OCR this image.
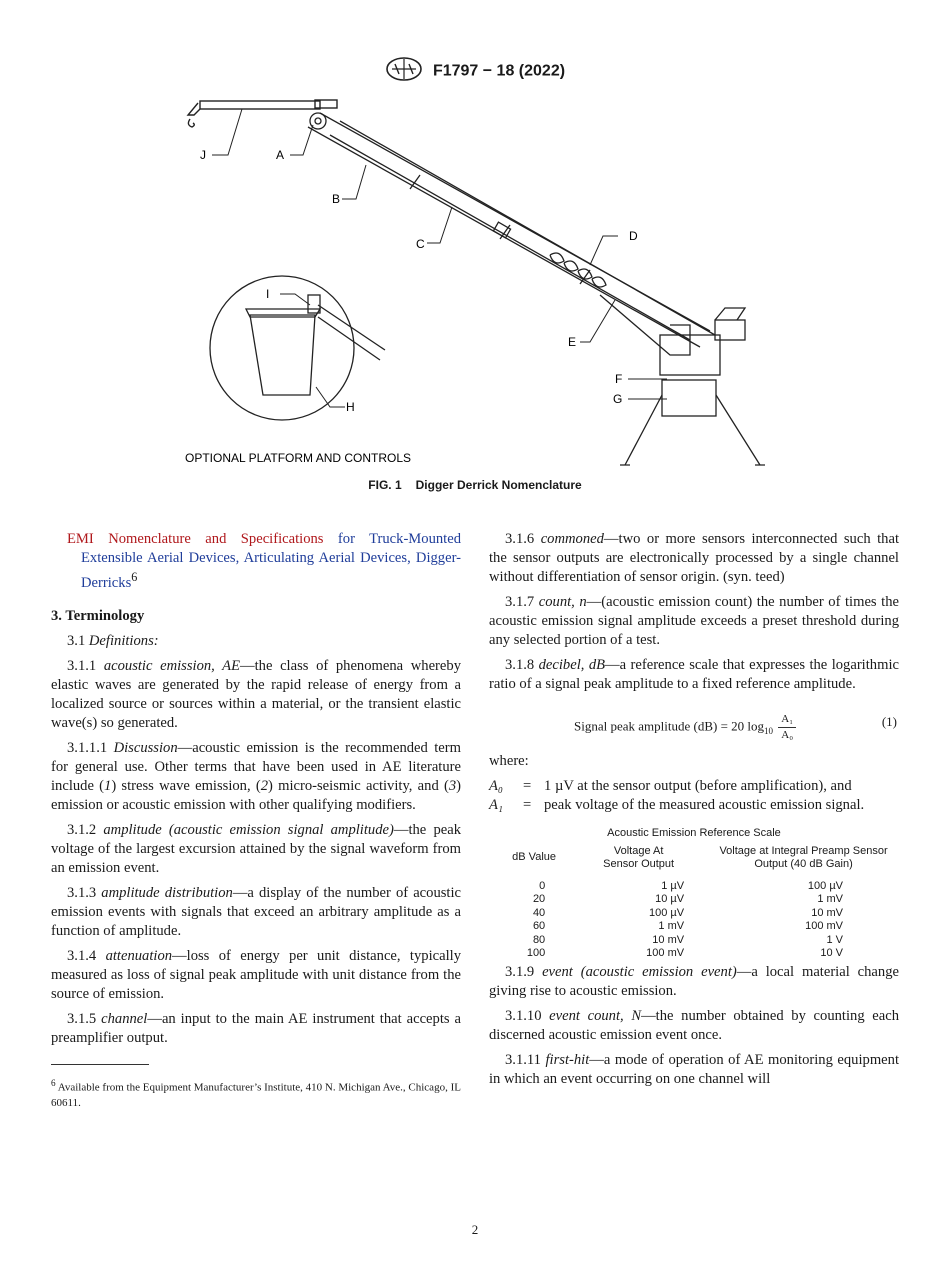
F1797 − 18 (2022)
J	A
B
C
D
E
F
G
H
I
OPTIONAL PLATFORM AND CONTROLS
FIG. 1 Digger Derrick Nomenclature

EMI Nomenclature and Specifications for Truck-Mounted Extensible Aerial Devices, Articulating Aerial Devices, Digger-Derricks$^6$

3. Terminology

3.1 Definitions:

3.1.1 acoustic emission, AE—the class of phenomena whereby elastic waves are generated by the rapid release of energy from a localized source or sources within a material, or the transient elastic wave(s) so generated.

3.1.1.1 Discussion—acoustic emission is the recommended term for general use. Other terms that have been used in AE literature include (1) stress wave emission, (2) micro-seismic activity, and (3) emission or acoustic emission with other qualifying modifiers.

3.1.2 amplitude (acoustic emission signal amplitude)—the peak voltage of the largest excursion attained by the signal waveform from an emission event.

3.1.3 amplitude distribution—a display of the number of acoustic emission events with signals that exceed an arbitrary amplitude as a function of amplitude.

3.1.4 attenuation—loss of energy per unit distance, typically measured as loss of signal peak amplitude with unit distance from the source of emission.

3.1.5 channel—an input to the main AE instrument that accepts a preamplifier output.

$^6$ Available from the Equipment Manufacturer’s Institute, 410 N. Michigan Ave., Chicago, IL 60611.

3.1.6 commoned—two or more sensors interconnected such that the sensor outputs are electronically processed by a single channel without differentiation of sensor origin. (syn. teed)

3.1.7 count, n—(acoustic emission count) the number of times the acoustic emission signal amplitude exceeds a preset threshold during any selected portion of a test.

3.1.8 decibel, dB—a reference scale that expresses the logarithmic ratio of a signal peak amplitude to a fixed reference amplitude.

Signal peak amplitude (dB) = 20 $\log_{10} \frac{\text{A₁}}{\text{A₀}}$	(1)

where:

A₀ = 1 µV at the sensor output (before amplification), and
A₁ = peak voltage of the measured acoustic emission signal.
Acoustic Emission Reference Scale
dB Value	Voltage At Sensor Output	Voltage at Integral Preamp Sensor Output (40 dB Gain)
0	1 µV	100 µV
20	10 µV	1 mV
40	100 µV	10 mV
60	1 mV	100 mV
80	10 mV	1 V
100	100 mV	10 V

3.1.9 event (acoustic emission event)—a local material change giving rise to acoustic emission.

3.1.10 event count, N—the number obtained by counting each discerned acoustic emission event once.

3.1.11 first-hit—a mode of operation of AE monitoring equipment in which an event occurring on one channel will

2
